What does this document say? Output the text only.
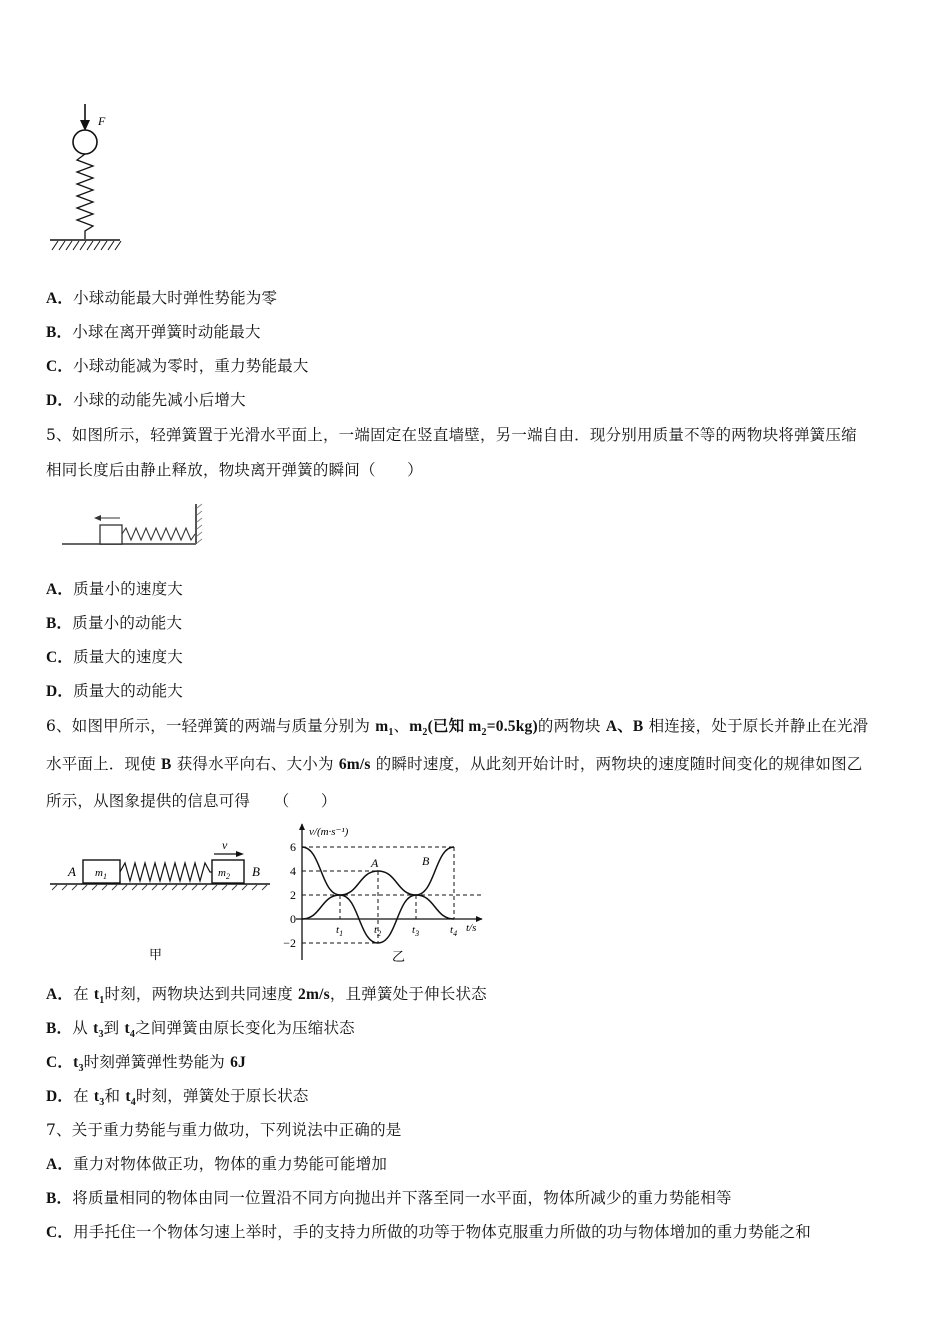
F
A．小球动能最大时弹性势能为零
B．小球在离开弹簧时动能最大
C．小球动能减为零时，重力势能最大
D．小球的动能先减小后增大
5、如图所示，轻弹簧置于光滑水平面上，一端固定在竖直墙壁，另一端自由．现分别用质量不等的两物块将弹簧压缩
相同长度后由静止释放，物块离开弹簧的瞬间（　　）
A．质量小的速度大
B．质量小的动能大
C．质量大的速度大
D．质量大的动能大
6、如图甲所示，一轻弹簧的两端与质量分别为 $m_1$、$m_2$(已知 $m_2=0.5kg$)的两物块 A、B 相连接，处于原长并静止在光滑
水平面上．现使 B 获得水平向右、大小为 6m/s 的瞬时速度，从此刻开始计时，两物块的速度随时间变化的规律如图乙
所示，从图象提供的信息可得　　（　　）
A $m_1$	$m_2$ B
v
甲
v/(m·s⁻¹)
t/s
−2
0
2
4
6
$t_1$	$t_2$	$t_3$	$t_4$
A	B
乙
A．在 $t_1$时刻，两物块达到共同速度 2m/s，且弹簧处于伸长状态
B．从 $t_3$到 $t_4$之间弹簧由原长变化为压缩状态
C．$t_3$时刻弹簧弹性势能为 6J
D．在 $t_3$和 $t_4$时刻，弹簧处于原长状态
7、关于重力势能与重力做功，下列说法中正确的是
A．重力对物体做正功，物体的重力势能可能增加
B．将质量相同的物体由同一位置沿不同方向抛出并下落至同一水平面，物体所减少的重力势能相等
C．用手托住一个物体匀速上举时，手的支持力所做的功等于物体克服重力所做的功与物体增加的重力势能之和
